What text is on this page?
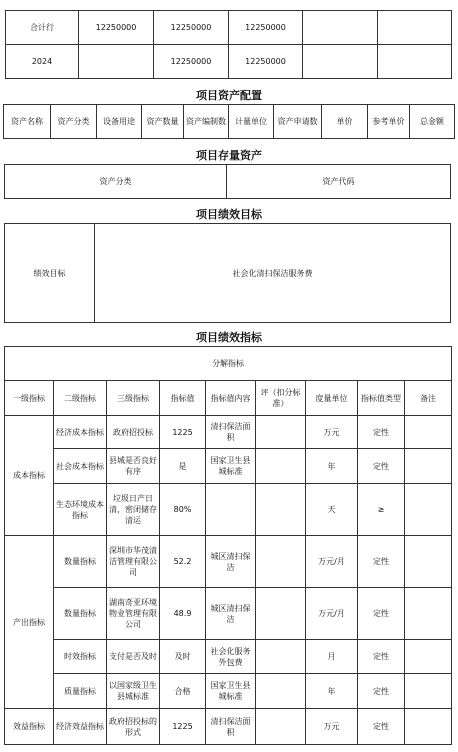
合计行	12250000	12250000	12250000		
2024		12250000	12250000		
项目资产配置
资产名称	资产分类	设备用途	资产数量	资产编制数	计量单位	资产申请数	单价	参考单价	总金额
项目存量资产
资产分类	资产代码
项目绩效目标
绩效目标	社会化清扫保洁服务费
项目绩效指标
分解指标								
一级指标	二级指标	三级指标	指标值	指标值内容	评（扣分标准）	度量单位	指标值类型	备注
成本指标	经济成本指标	政府招投标	1225	清扫保洁面积		万元	定性	
	社会成本指标	县城是否良好有序	是	国家卫生县城标准		年	定性	
	生态环境成本指标	垃圾日产日清，密闭储存清运	80%			天	≥	
产出指标	数量指标	深圳市华茂清洁管理有限公司	52.2	城区清扫保洁		万元/月	定性	
	数量指标	湖南奇亚环境物业管理有限公司	48.9	城区清扫保洁		万元/月	定性	
	时效指标	支付是否及时	及时	社会化服务外包费		月	定性	
	质量指标	以国家级卫生县城标准	合格	国家卫生县城标准		年	定性	
效益指标	经济效益指标	政府招投标的形式	1225	清扫保洁面积		万元	定性	
